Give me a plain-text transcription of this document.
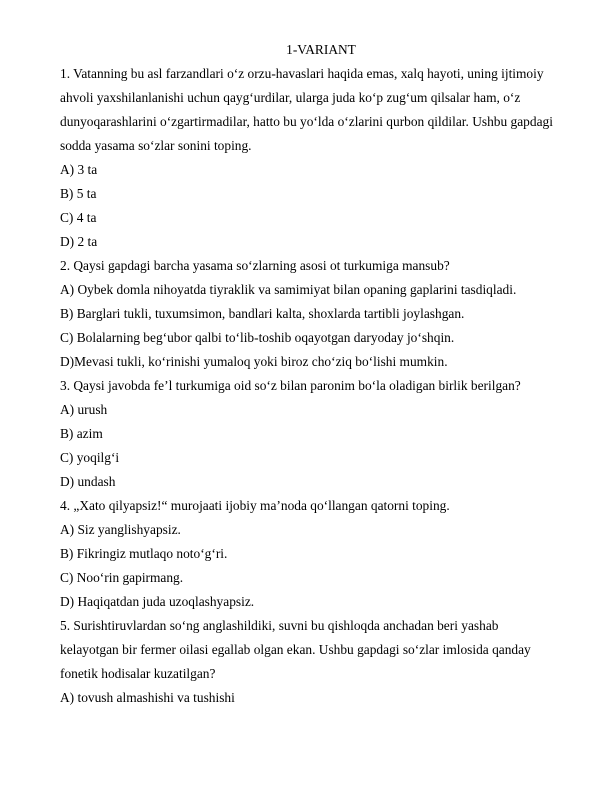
1-VARIANT
1. Vatanning bu asl farzandlari o‘z orzu-havaslari haqida emas, xalq hayoti, uning ijtimoiy
ahvoli yaxshilanlanishi uchun qayg‘urdilar, ularga juda ko‘p zug‘um qilsalar ham, o‘z
dunyoqarashlarini o‘zgartirmadilar, hatto bu yo‘lda o‘zlarini qurbon qildilar. Ushbu gapdagi
sodda yasama so‘zlar sonini toping.
A) 3 ta
B) 5 ta
C) 4 ta
D) 2 ta
2. Qaysi gapdagi barcha yasama so‘zlarning asosi ot turkumiga mansub?
A) Oybek domla nihoyatda tiyraklik va samimiyat bilan opaning gaplarini tasdiqladi.
B) Barglari tukli, tuxumsimon, bandlari kalta, shoxlarda tartibli joylashgan.
C) Bolalarning beg‘ubor qalbi to‘lib-toshib oqayotgan daryoday jo‘shqin.
D)Mevasi tukli, ko‘rinishi yumaloq yoki biroz cho‘ziq bo‘lishi mumkin.
3. Qaysi javobda fe’l turkumiga oid so‘z bilan paronim bo‘la oladigan birlik berilgan?
A) urush
B) azim
C) yoqilg‘i
D) undash
4. „Xato qilyapsiz!“ murojaati ijobiy ma’noda qo‘llangan qatorni toping.
A) Siz yanglishyapsiz.
B) Fikringiz mutlaqo noto‘g‘ri.
C) Noo‘rin gapirmang.
D) Haqiqatdan juda uzoqlashyapsiz.
5. Surishtiruvlardan so‘ng anglashildiki, suvni bu qishloqda anchadan beri yashab
kelayotgan bir fermer oilasi egallab olgan ekan. Ushbu gapdagi so‘zlar imlosida qanday
fonetik hodisalar kuzatilgan?
A) tovush almashishi va tushishi
